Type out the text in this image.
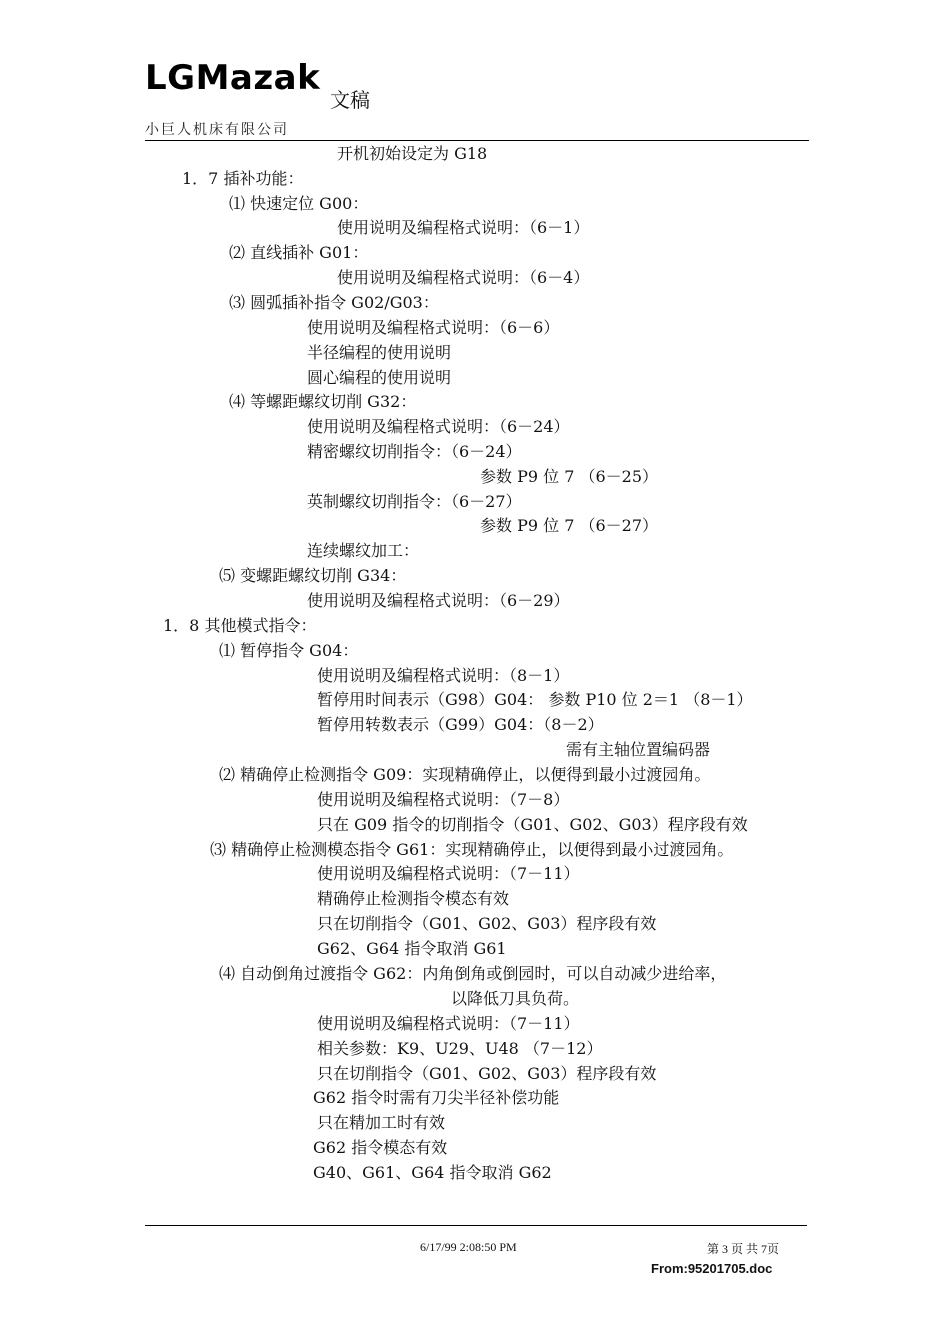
LGMazak
文稿
小巨人机床有限公司
开机初始设定为 G18
1．7 插补功能：
⑴ 快速定位 G00：
使用说明及编程格式说明：（6－1）
⑵ 直线插补 G01：
使用说明及编程格式说明：（6－4）
⑶ 圆弧插补指令 G02/G03：
使用说明及编程格式说明：（6－6）
半径编程的使用说明
圆心编程的使用说明
⑷ 等螺距螺纹切削 G32：
使用说明及编程格式说明：（6－24）
精密螺纹切削指令：（6－24）
参数 P9 位 7 （6－25）
英制螺纹切削指令：（6－27）
参数 P9 位 7 （6－27）
连续螺纹加工：
⑸ 变螺距螺纹切削 G34：
使用说明及编程格式说明：（6－29）
1．8 其他模式指令：
⑴ 暂停指令 G04：
使用说明及编程格式说明：（8－1）
暂停用时间表示（G98）G04： 参数 P10 位 2＝1 （8－1）
暂停用转数表示（G99）G04：（8－2）
需有主轴位置编码器
⑵ 精确停止检测指令 G09：实现精确停止，以便得到最小过渡园角。
使用说明及编程格式说明：（7－8）
只在 G09 指令的切削指令（G01、G02、G03）程序段有效
⑶ 精确停止检测模态指令 G61：实现精确停止，以便得到最小过渡园角。
使用说明及编程格式说明：（7－11）
精确停止检测指令模态有效
只在切削指令（G01、G02、G03）程序段有效
G62、G64 指令取消 G61
⑷ 自动倒角过渡指令 G62：内角倒角或倒园时，可以自动减少进给率，
以降低刀具负荷。
使用说明及编程格式说明：（7－11）
相关参数：K9、U29、U48 （7－12）
只在切削指令（G01、G02、G03）程序段有效
G62 指令时需有刀尖半径补偿功能
只在精加工时有效
G62 指令模态有效
G40、G61、G64 指令取消 G62
6/17/99 2:08:50 PM	第 3 页 共 7页
From:95201705.doc
